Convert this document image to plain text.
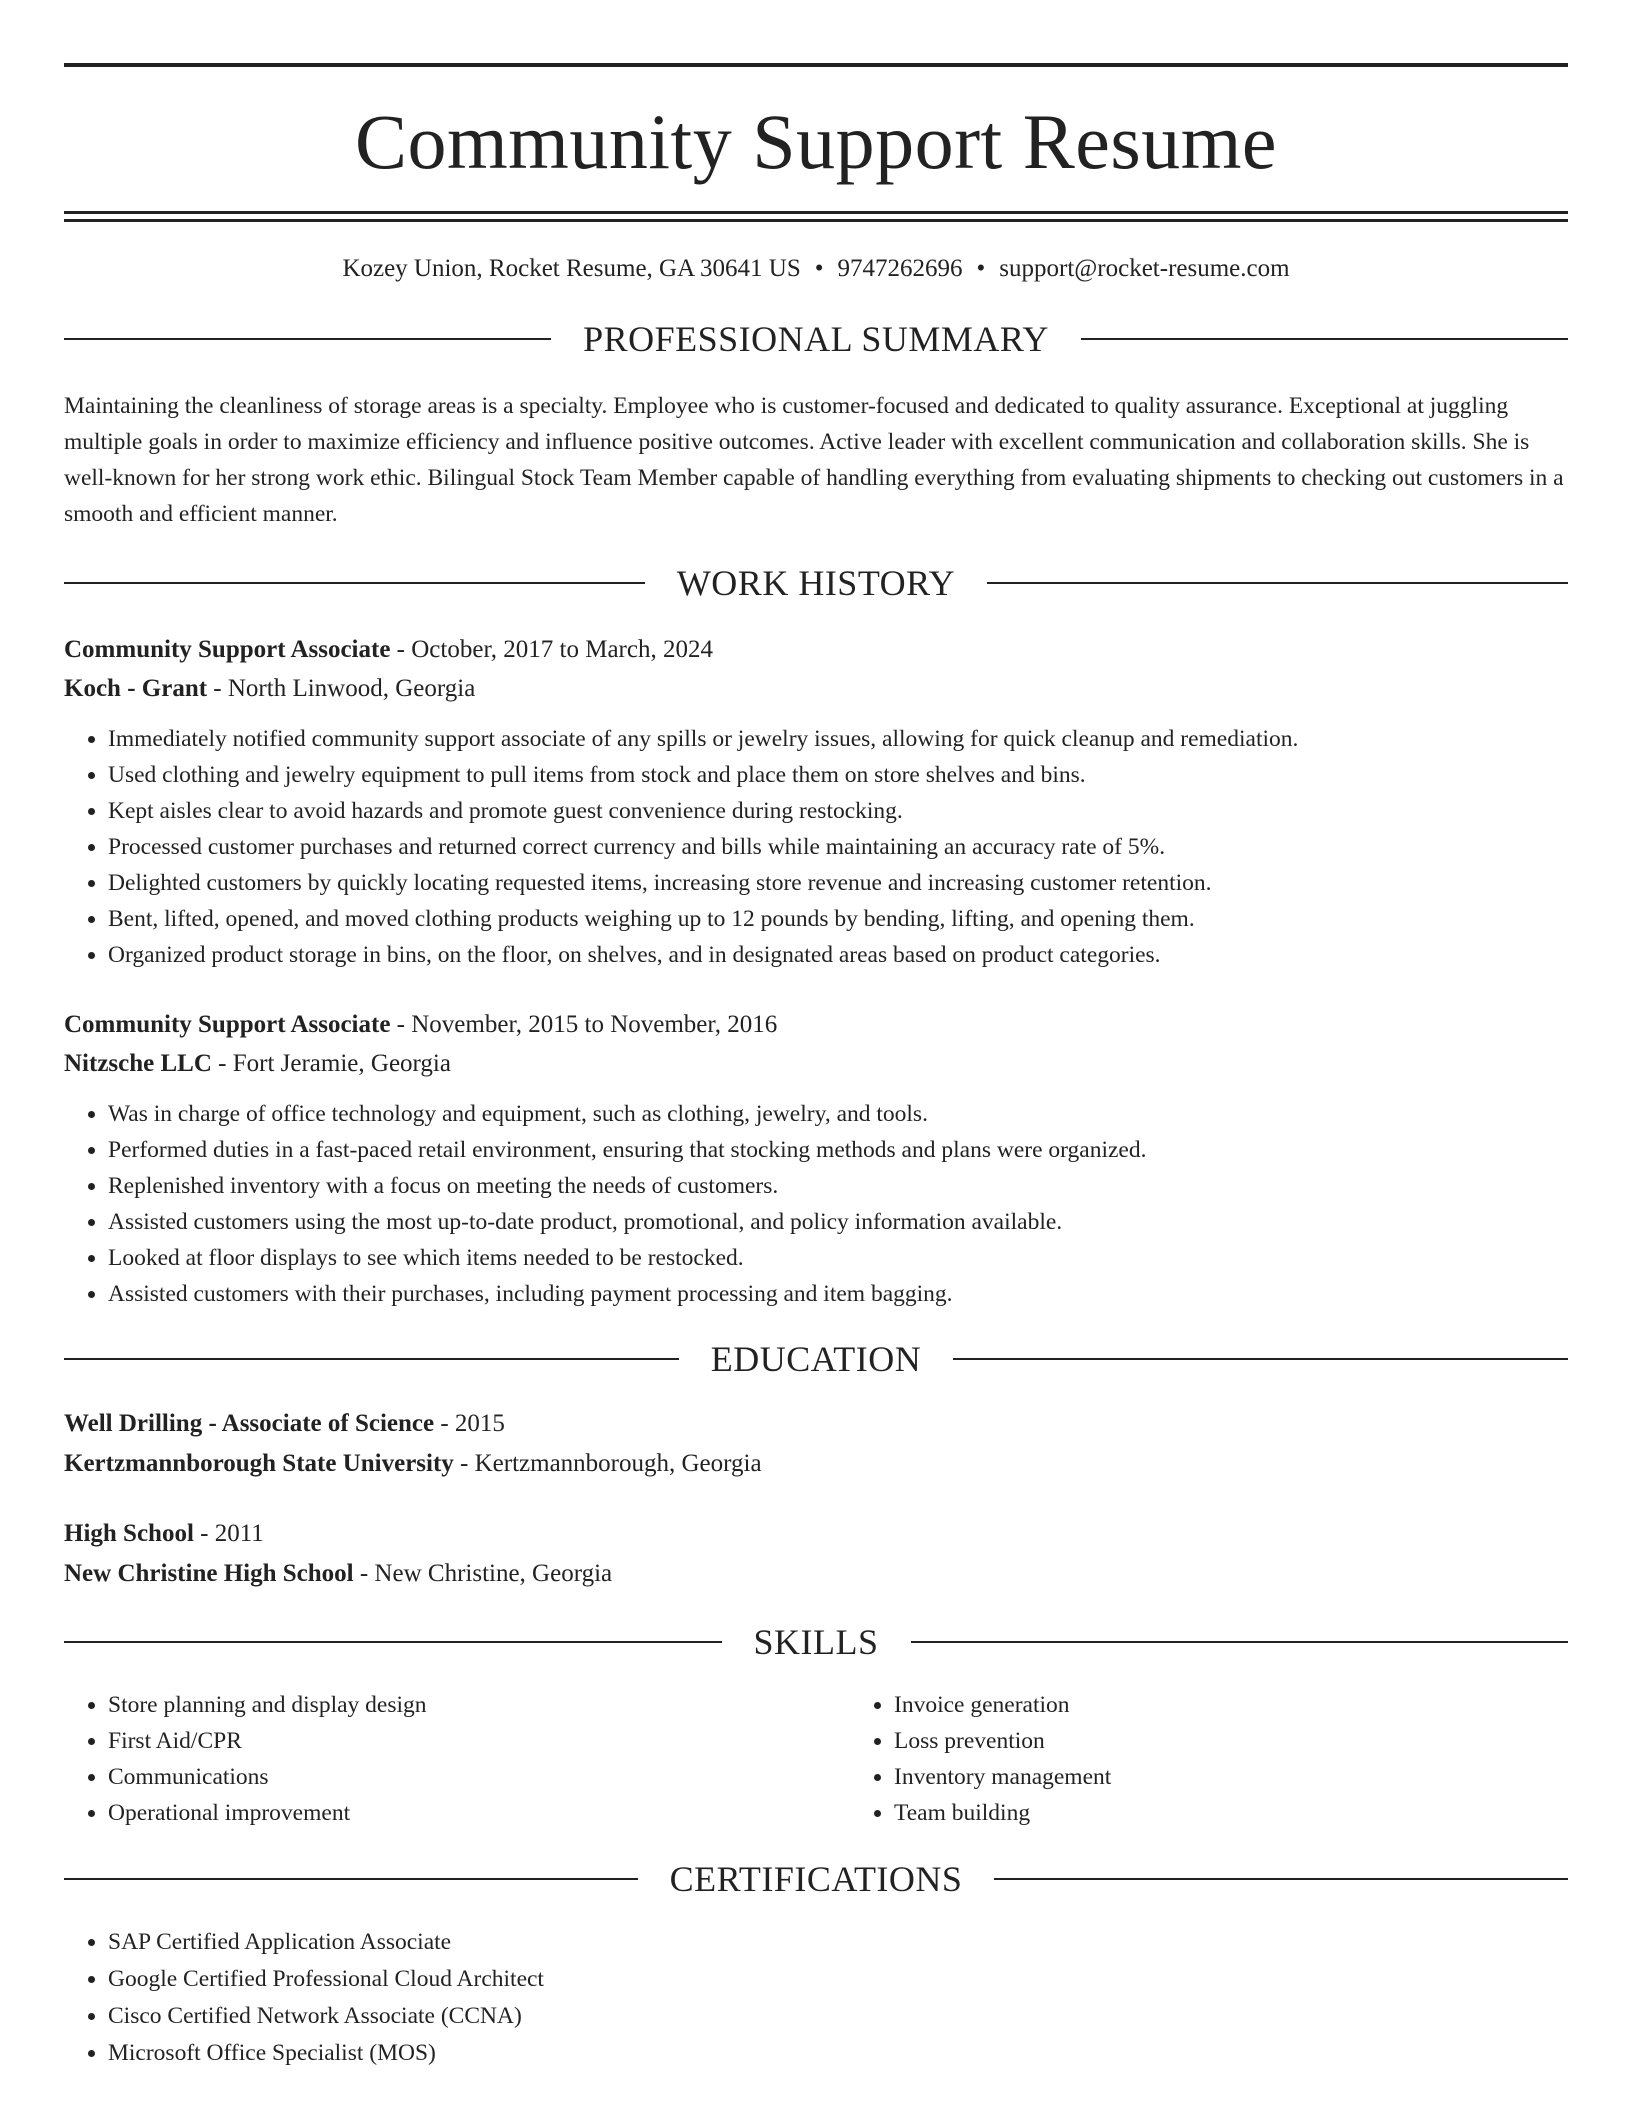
Community Support Resume
Kozey Union, Rocket Resume, GA 30641 US • 9747262696 • support@rocket-resume.com
PROFESSIONAL SUMMARY
Maintaining the cleanliness of storage areas is a specialty. Employee who is customer-focused and dedicated to quality assurance. Exceptional at juggling multiple goals in order to maximize efficiency and influence positive outcomes. Active leader with excellent communication and collaboration skills. She is well-known for her strong work ethic. Bilingual Stock Team Member capable of handling everything from evaluating shipments to checking out customers in a smooth and efficient manner.
WORK HISTORY
Community Support Associate - October, 2017 to March, 2024
Koch - Grant - North Linwood, Georgia
• Immediately notified community support associate of any spills or jewelry issues, allowing for quick cleanup and remediation.
• Used clothing and jewelry equipment to pull items from stock and place them on store shelves and bins.
• Kept aisles clear to avoid hazards and promote guest convenience during restocking.
• Processed customer purchases and returned correct currency and bills while maintaining an accuracy rate of 5%.
• Delighted customers by quickly locating requested items, increasing store revenue and increasing customer retention.
• Bent, lifted, opened, and moved clothing products weighing up to 12 pounds by bending, lifting, and opening them.
• Organized product storage in bins, on the floor, on shelves, and in designated areas based on product categories.
Community Support Associate - November, 2015 to November, 2016
Nitzsche LLC - Fort Jeramie, Georgia
• Was in charge of office technology and equipment, such as clothing, jewelry, and tools.
• Performed duties in a fast-paced retail environment, ensuring that stocking methods and plans were organized.
• Replenished inventory with a focus on meeting the needs of customers.
• Assisted customers using the most up-to-date product, promotional, and policy information available.
• Looked at floor displays to see which items needed to be restocked.
• Assisted customers with their purchases, including payment processing and item bagging.
EDUCATION
Well Drilling - Associate of Science - 2015
Kertzmannborough State University - Kertzmannborough, Georgia
High School - 2011
New Christine High School - New Christine, Georgia
SKILLS
• Store planning and display design
• First Aid/CPR
• Communications
• Operational improvement
• Invoice generation
• Loss prevention
• Inventory management
• Team building
CERTIFICATIONS
• SAP Certified Application Associate
• Google Certified Professional Cloud Architect
• Cisco Certified Network Associate (CCNA)
• Microsoft Office Specialist (MOS)
